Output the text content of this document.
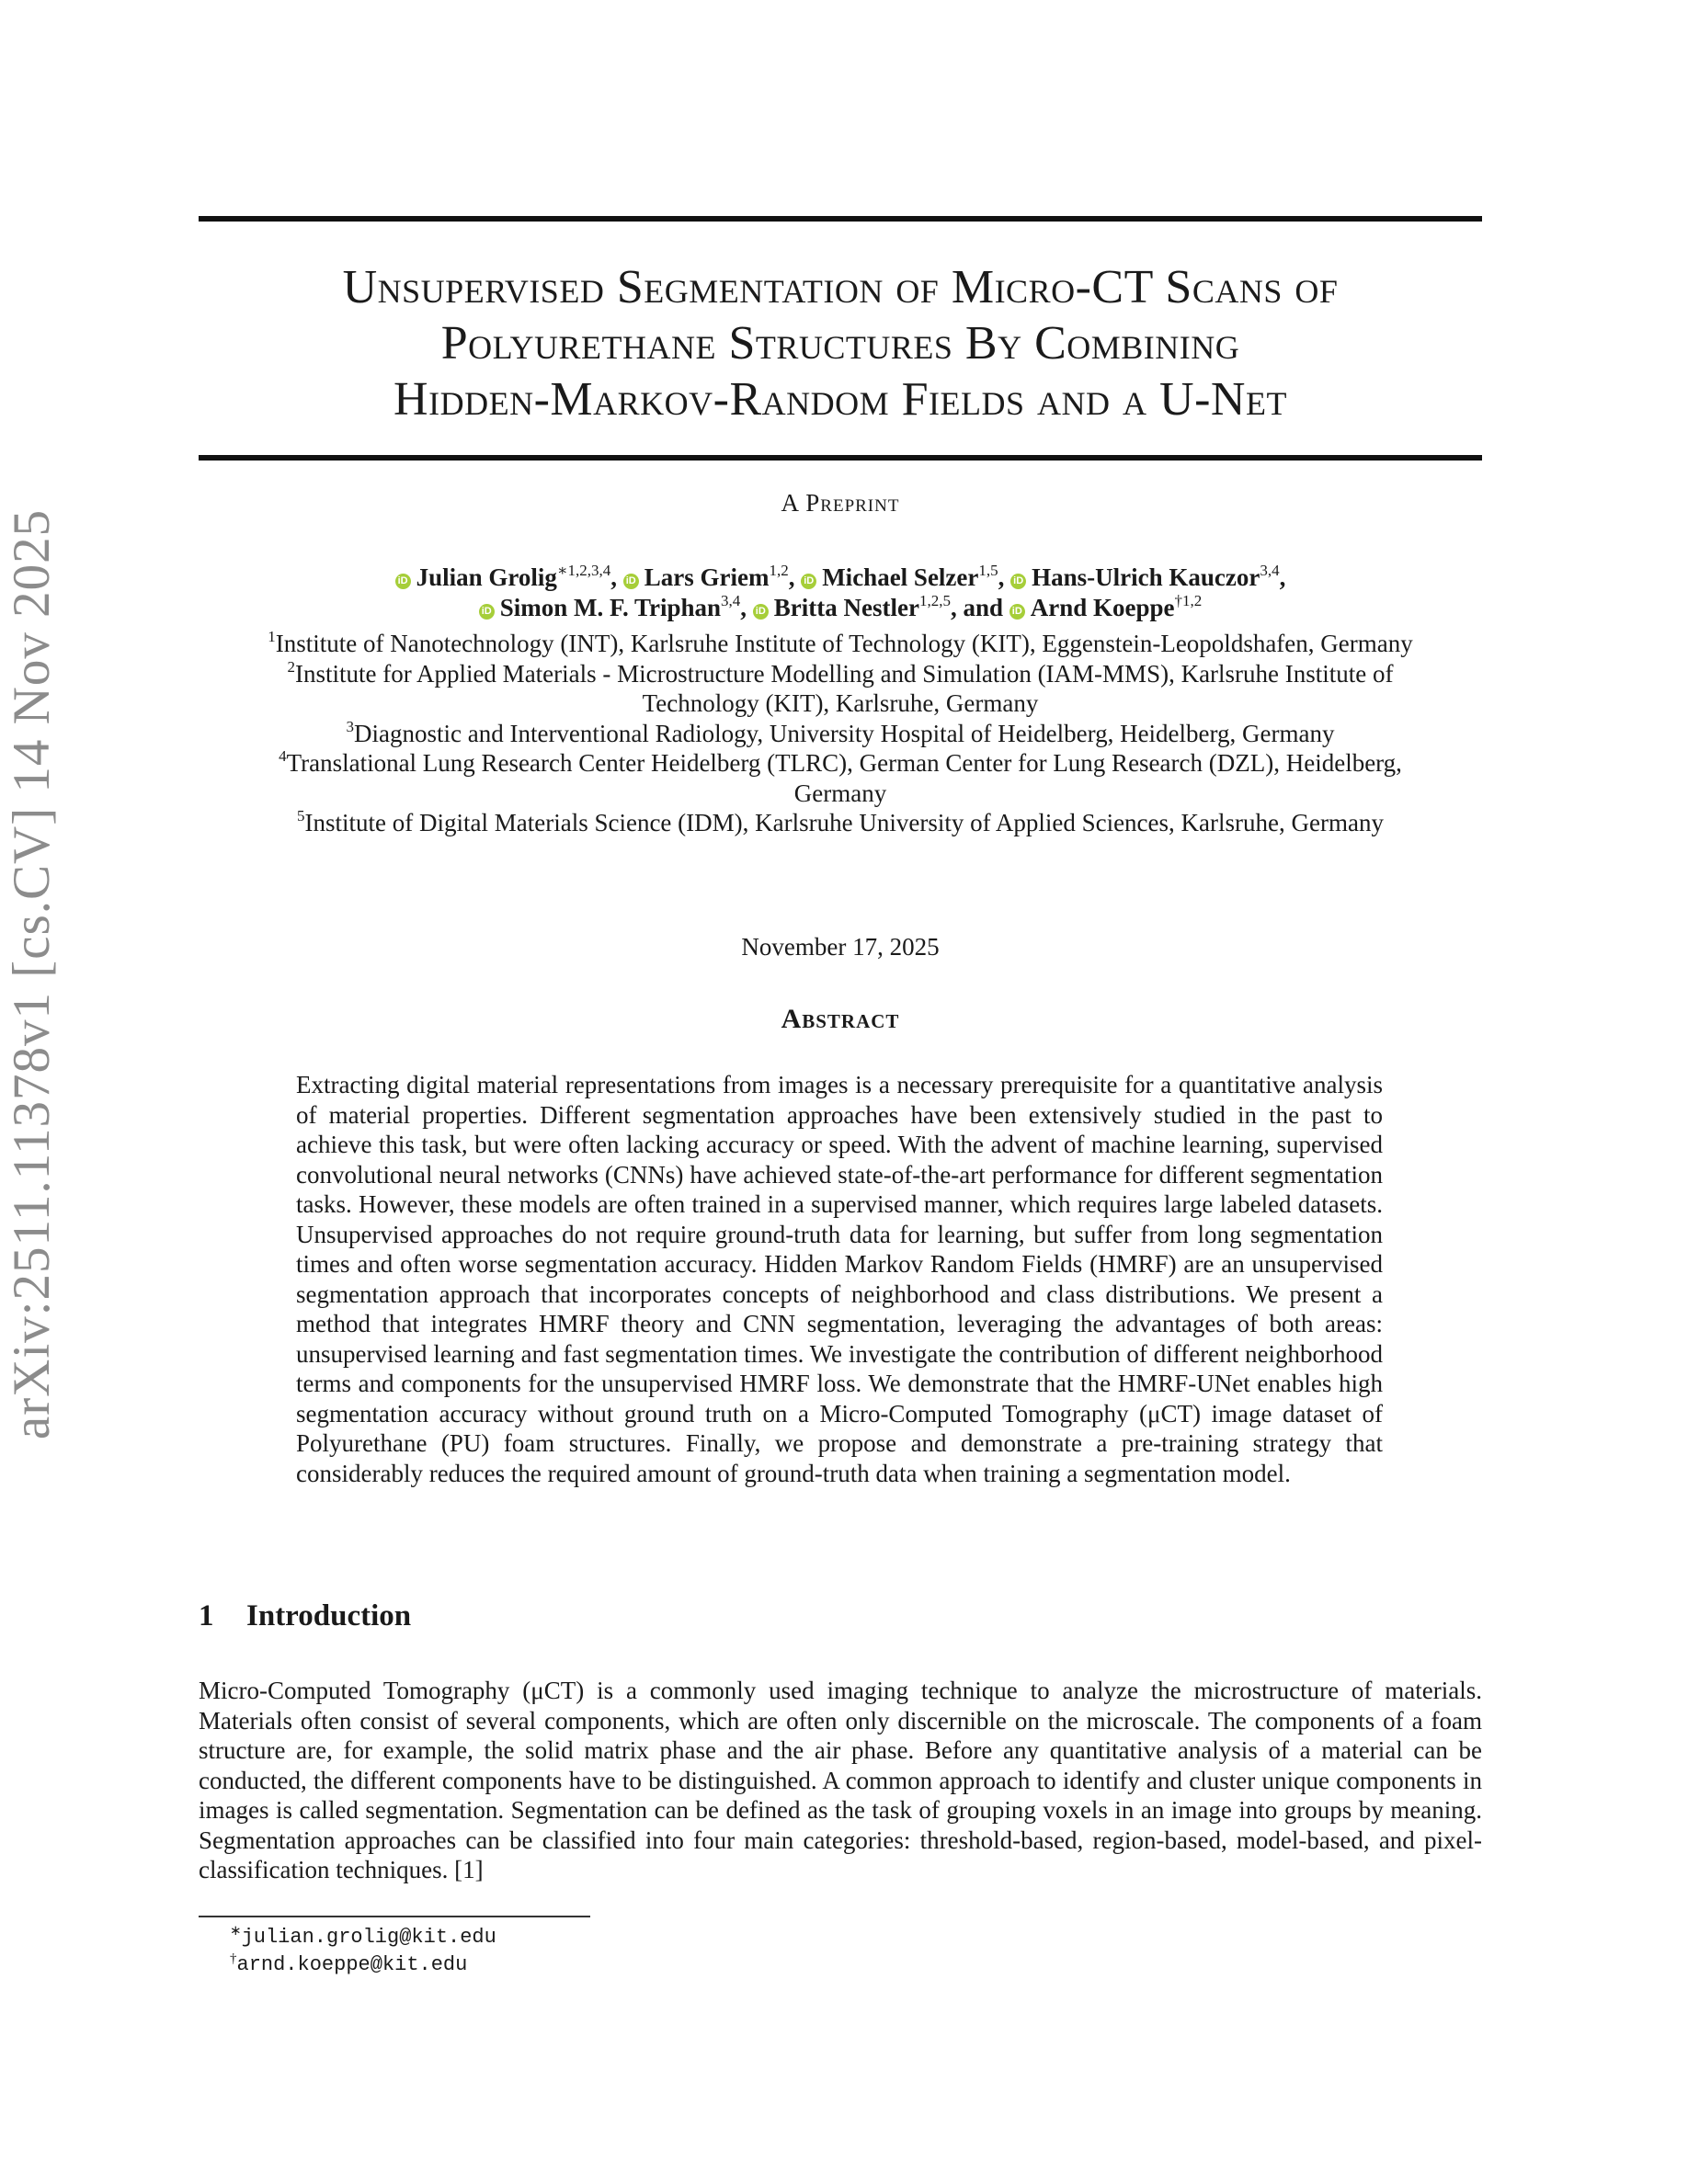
arXiv:2511.11378v1 [cs.CV] 14 Nov 2025
Unsupervised Segmentation of Micro-CT Scans of
Polyurethane Structures By Combining
Hidden-Markov-Random Fields and a U-Net
A Preprint
iD Julian Grolig$^{∗1,2,3,4}$, iD Lars Griem$^{1,2}$, iD Michael Selzer$^{1,5}$, iD Hans-Ulrich Kauczor$^{3,4}$,
iD Simon M. F. Triphan$^{3,4}$, iD Britta Nestler$^{1,2,5}$, and iD Arnd Koeppe$^{\dagger 1,2}$
$^1$Institute of Nanotechnology (INT), Karlsruhe Institute of Technology (KIT), Eggenstein-Leopoldshafen, Germany
$^2$Institute for Applied Materials - Microstructure Modelling and Simulation (IAM-MMS), Karlsruhe Institute of
Technology (KIT), Karlsruhe, Germany
$^3$Diagnostic and Interventional Radiology, University Hospital of Heidelberg, Heidelberg, Germany
$^4$Translational Lung Research Center Heidelberg (TLRC), German Center for Lung Research (DZL), Heidelberg,
Germany
$^5$Institute of Digital Materials Science (IDM), Karlsruhe University of Applied Sciences, Karlsruhe, Germany
November 17, 2025
Abstract
Extracting digital material representations from images is a necessary prerequisite for a quantitative analysis of material properties. Different segmentation approaches have been extensively studied in the past to achieve this task, but were often lacking accuracy or speed. With the advent of machine learning, supervised convolutional neural networks (CNNs) have achieved state-of-the-art performance for different segmentation tasks. However, these models are often trained in a supervised manner, which requires large labeled datasets. Unsupervised approaches do not require ground-truth data for learning, but suffer from long segmentation times and often worse segmentation accuracy. Hidden Markov Random Fields (HMRF) are an unsupervised segmentation approach that incorporates concepts of neighborhood and class distributions. We present a method that integrates HMRF theory and CNN segmentation, leveraging the advantages of both areas: unsupervised learning and fast segmentation times. We investigate the contribution of different neighborhood terms and components for the unsupervised HMRF loss. We demonstrate that the HMRF-UNet enables high segmentation accuracy without ground truth on a Micro-Computed Tomography (μCT) image dataset of Polyurethane (PU) foam structures. Finally, we propose and demonstrate a pre-training strategy that considerably reduces the required amount of ground-truth data when training a segmentation model.
1 Introduction
Micro-Computed Tomography (μCT) is a commonly used imaging technique to analyze the microstructure of materials. Materials often consist of several components, which are often only discernible on the microscale. The components of a foam structure are, for example, the solid matrix phase and the air phase. Before any quantitative analysis of a material can be conducted, the different components have to be distinguished. A common approach to identify and cluster unique components in images is called segmentation. Segmentation can be defined as the task of grouping voxels in an image into groups by meaning. Segmentation approaches can be classified into four main categories: threshold-based, region-based, model-based, and pixel-classification techniques. [1]
∗julian.grolig@kit.edu
†arnd.koeppe@kit.edu
